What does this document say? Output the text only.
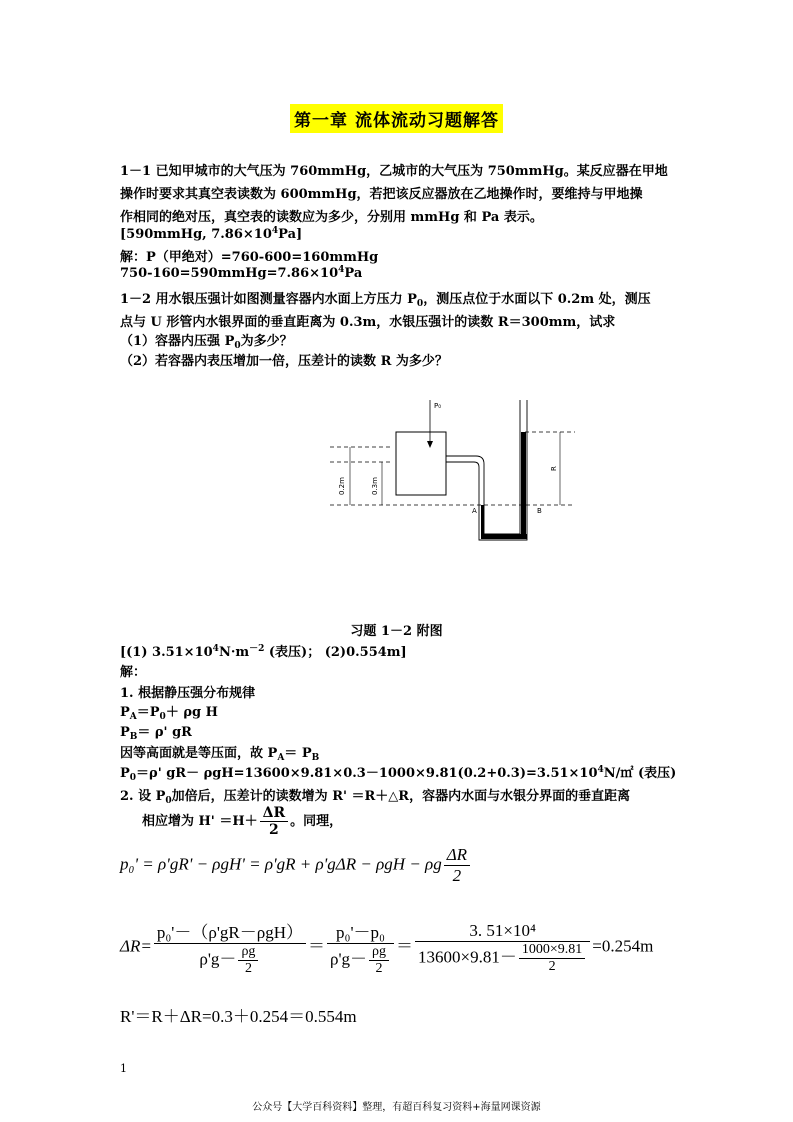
第一章 流体流动习题解答
1－1 已知甲城市的大气压为 760mmHg，乙城市的大气压为 750mmHg。某反应器在甲地
操作时要求其真空表读数为 600mmHg，若把该反应器放在乙地操作时，要维持与甲地操
作相同的绝对压，真空表的读数应为多少，分别用 mmHg 和 Pa 表示。
[590mmHg, $7.86\times 10^4Pa$]
解：P（甲绝对）=760-600=160mmHg
$750-160=590mmHg=7.86\times 10^4Pa$
1－2 用水银压强计如图测量容器内水面上方压力 $P_0$，测压点位于水面以下 0.2m 处，测压
点与 U 形管内水银界面的垂直距离为 0.3m，水银压强计的读数 R＝300mm，试求
（1）容器内压强 $P_0$为多少？
（2）若容器内表压增加一倍，压差计的读数 R 为多少？
P₀
0.2m	0.3m
R
A	B
习题 1－2 附图
[(1) $3.51\times 10^4N\cdot m^{-2}$ (表压)； (2)0.554m]
解：
1. 根据静压强分布规律
$P_A=P_0+ \rho g$ H
$P_B= \rho'$ gR
因等高面就是等压面，故 $P_A= P_B$
$P_0=\rho'$ $gR- \rho gH=13600\times 9.81\times 0.3-1000\times 9.81(0.2+0.3)=3.51\times 10^4N/㎡$ (表压)
2. 设 $P_0$加倍后，压差计的读数增为 R' ＝R＋△R，容器内水面与水银分界面的垂直距离
相应增为 $H' =H+ \frac{\Delta R}{2}$ 。同理，
p₀' = ρ'gR' − ρgH' = ρ'gR + ρ'gΔR − ρgH − ρg $\frac{\Delta R}{2}$
$\Delta R= \frac{\text{p₀'－（ρ'gR－ρgH）}}{\rho'g- \frac{\rho g}{2}} = \frac{\text{p₀'－p₀}}{\rho'g- \frac{\rho g}{2}} = \frac{\text{3. 51×10⁴}}{13600\times 9.81- \frac{1000\times 9.81}{2}} =0.254m$
R'＝R＋ΔR=0.3＋0.254＝0.554m
1
公众号【大学百科资料】整理，有超百科复习资料+海量网课资源
